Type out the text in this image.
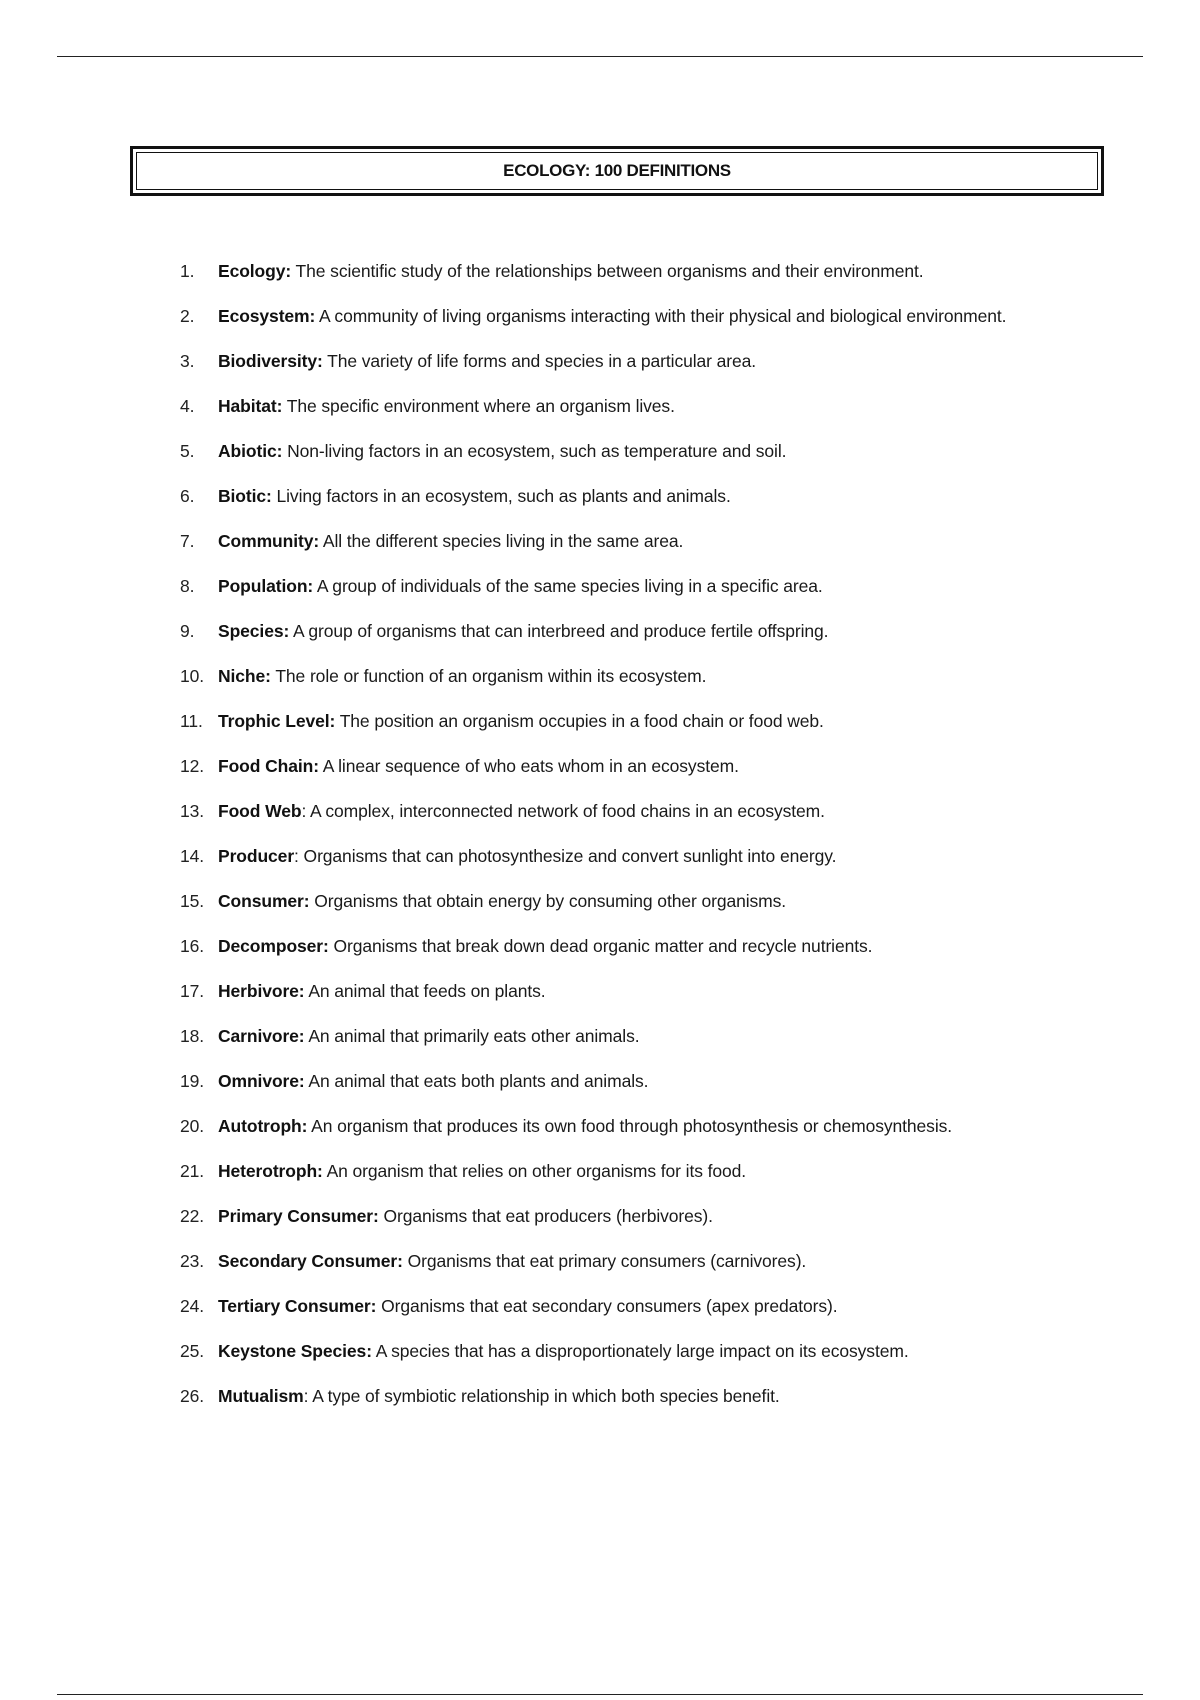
ECOLOGY: 100 DEFINITIONS
1.	Ecology: The scientific study of the relationships between organisms and their environment.
2.	Ecosystem: A community of living organisms interacting with their physical and biological environment.
3.	Biodiversity: The variety of life forms and species in a particular area.
4.	Habitat: The specific environment where an organism lives.
5.	Abiotic: Non-living factors in an ecosystem, such as temperature and soil.
6.	Biotic: Living factors in an ecosystem, such as plants and animals.
7.	Community: All the different species living in the same area.
8.	Population: A group of individuals of the same species living in a specific area.
9.	Species: A group of organisms that can interbreed and produce fertile offspring.
10. Niche: The role or function of an organism within its ecosystem.
11. Trophic Level: The position an organism occupies in a food chain or food web.
12. Food Chain: A linear sequence of who eats whom in an ecosystem.
13. Food Web: A complex, interconnected network of food chains in an ecosystem.
14. Producer: Organisms that can photosynthesize and convert sunlight into energy.
15. Consumer: Organisms that obtain energy by consuming other organisms.
16. Decomposer: Organisms that break down dead organic matter and recycle nutrients.
17. Herbivore: An animal that feeds on plants.
18. Carnivore: An animal that primarily eats other animals.
19. Omnivore: An animal that eats both plants and animals.
20. Autotroph: An organism that produces its own food through photosynthesis or chemosynthesis.
21. Heterotroph: An organism that relies on other organisms for its food.
22. Primary Consumer: Organisms that eat producers (herbivores).
23. Secondary Consumer: Organisms that eat primary consumers (carnivores).
24. Tertiary Consumer: Organisms that eat secondary consumers (apex predators).
25. Keystone Species: A species that has a disproportionately large impact on its ecosystem.
26. Mutualism: A type of symbiotic relationship in which both species benefit.
